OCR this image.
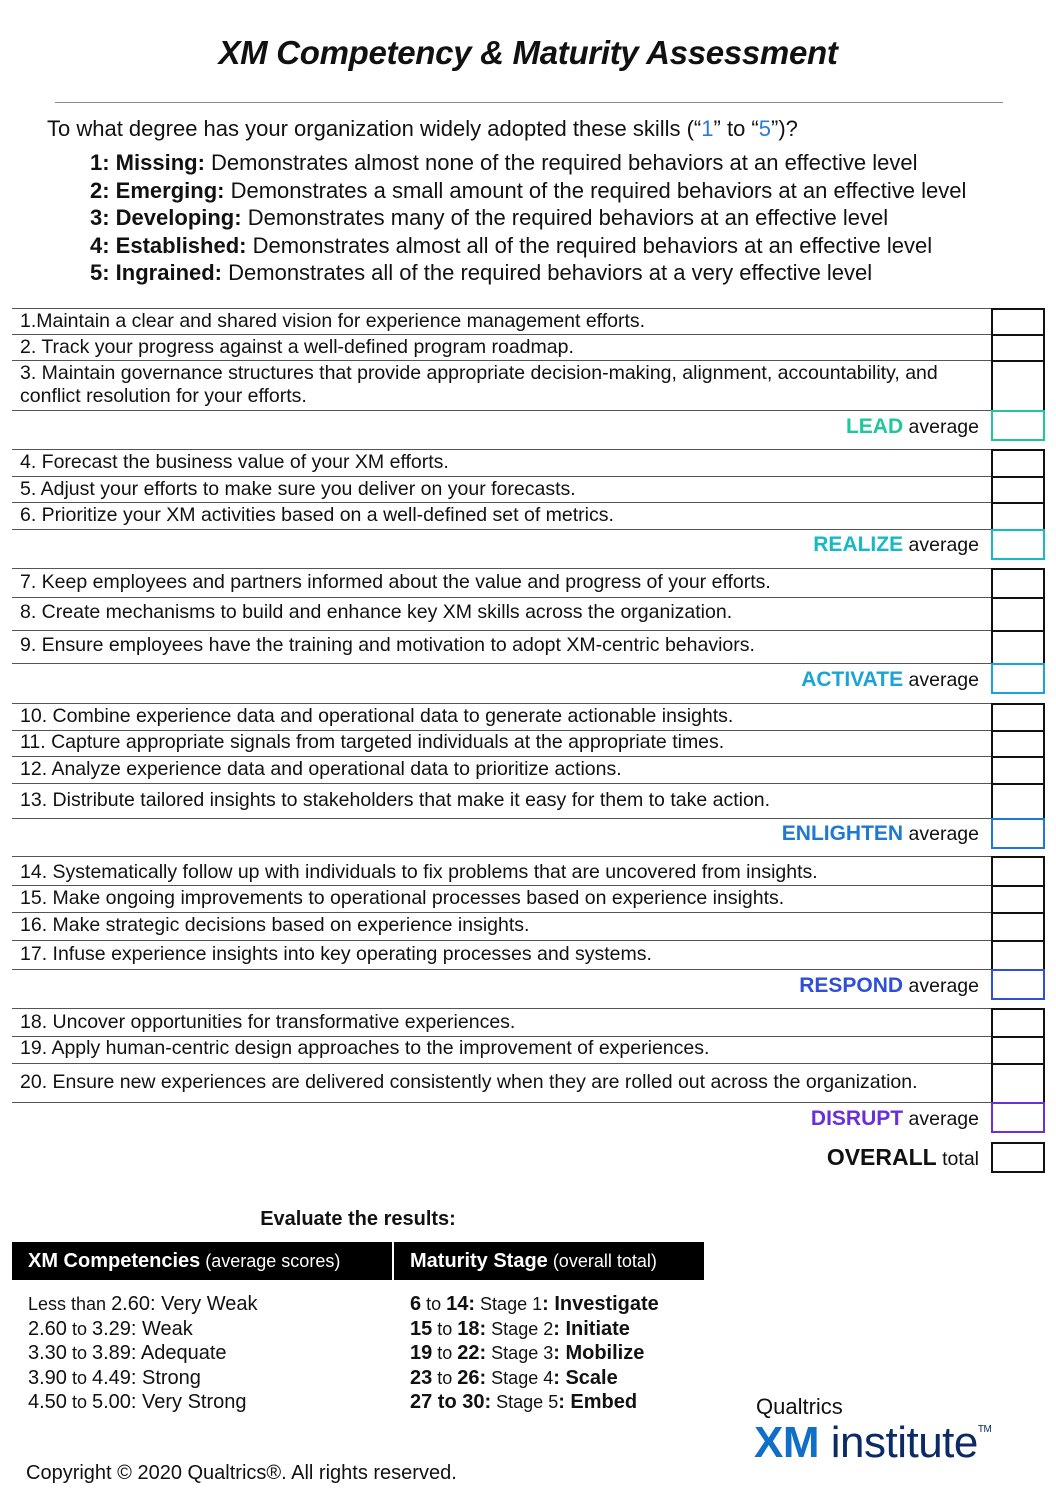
XM Competency & Maturity Assessment
To what degree has your organization widely adopted these skills (“1” to “5”)?
1: Missing: Demonstrates almost none of the required behaviors at an effective level
2: Emerging: Demonstrates a small amount of the required behaviors at an effective level
3: Developing: Demonstrates many of the required behaviors at an effective level
4: Established: Demonstrates almost all of the required behaviors at an effective level
5: Ingrained: Demonstrates all of the required behaviors at a very effective level
1.Maintain a clear and shared vision for experience management efforts.
2. Track your progress against a well-defined program roadmap.
3. Maintain governance structures that provide appropriate decision-making, alignment, accountability, and conflict resolution for your efforts.
4. Forecast the business value of your XM efforts.
5. Adjust your efforts to make sure you deliver on your forecasts.
6. Prioritize your XM activities based on a well-defined set of metrics.
7. Keep employees and partners informed about the value and progress of your efforts.
8. Create mechanisms to build and enhance key XM skills across the organization.
9. Ensure employees have the training and motivation to adopt XM-centric behaviors.
10. Combine experience data and operational data to generate actionable insights.
11. Capture appropriate signals from targeted individuals at the appropriate times.
12. Analyze experience data and operational data to prioritize actions.
13. Distribute tailored insights to stakeholders that make it easy for them to take action.
14. Systematically follow up with individuals to fix problems that are uncovered from insights.
15. Make ongoing improvements to operational processes based on experience insights.
16. Make strategic decisions based on experience insights.
17. Infuse experience insights into key operating processes and systems.
18. Uncover opportunities for transformative experiences.
19. Apply human-centric design approaches to the improvement of experiences.
20. Ensure new experiences are delivered consistently when they are rolled out across the organization.
LEAD average
REALIZE average
ACTIVATE average
ENLIGHTEN average
RESPOND average
DISRUPT average
OVERALL total
Evaluate the results:
XM Competencies (average scores)	Maturity Stage (overall total)
Less than 2.60: Very Weak
2.60 to 3.29: Weak
3.30 to 3.89: Adequate
3.90 to 4.49: Strong
4.50 to 5.00: Very Strong
6 to 14: Stage 1: Investigate
15 to 18: Stage 2: Initiate
19 to 22: Stage 3: Mobilize
23 to 26: Stage 4: Scale
27 to 30: Stage 5: Embed	Qualtrics
XM institute™
Copyright © 2020 Qualtrics®. All rights reserved.
